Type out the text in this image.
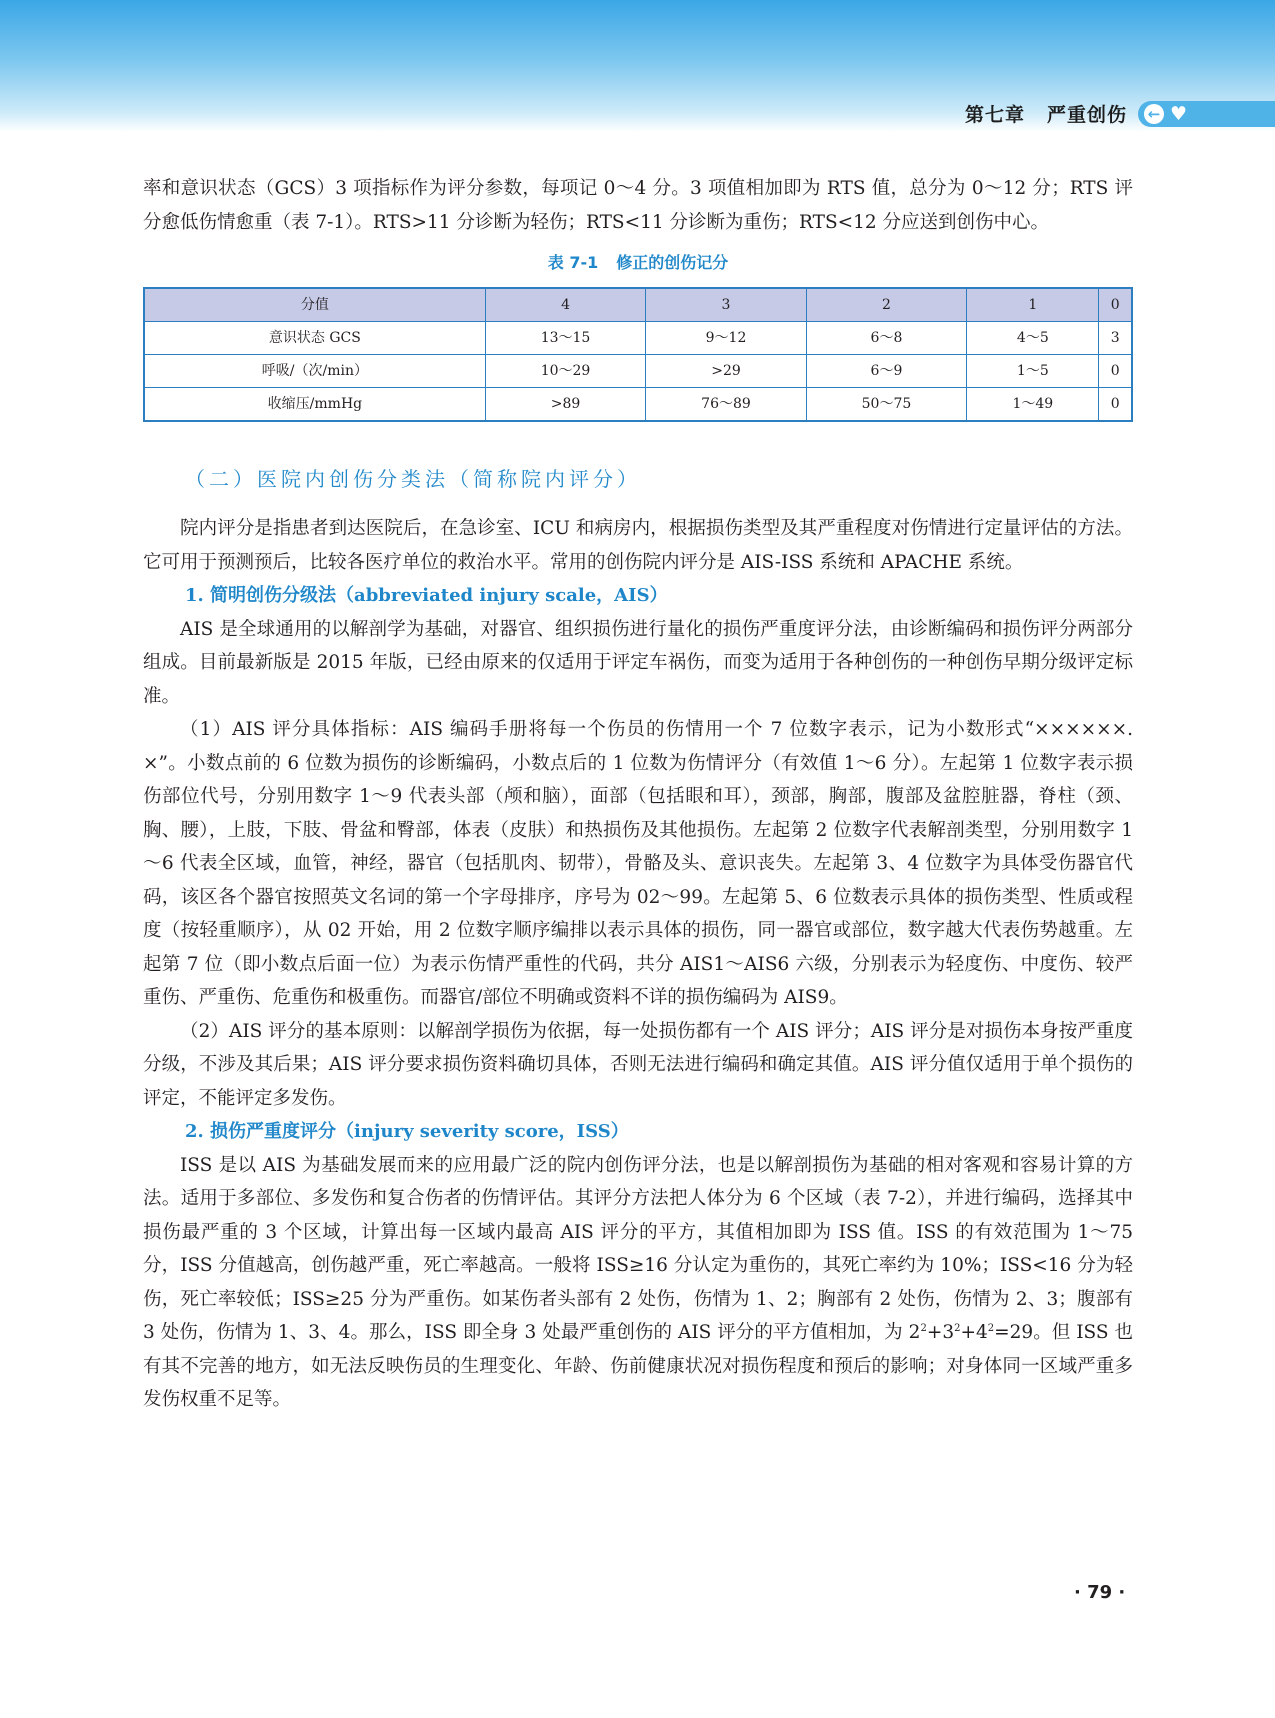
第七章 严重创伤 ← ♥

率和意识状态（GCS）3 项指标作为评分参数，每项记 0～4 分。3 项值相加即为 RTS 值，总分为 0～12 分；RTS 评分愈低伤情愈重（表 7-1）。RTS>11 分诊断为轻伤；RTS<11 分诊断为重伤；RTS<12 分应送到创伤中心。

表 7-1 修正的创伤记分
分值	4	3	2	1	0
意识状态 GCS	13～15	9～12	6～8	4～5	3
呼吸/（次/min）	10～29	>29	6～9	1～5	0
收缩压/mmHg	>89	76～89	50～75	1～49	0
（二）医院内创伤分类法（简称院内评分）

院内评分是指患者到达医院后，在急诊室、ICU 和病房内，根据损伤类型及其严重程度对伤情进行定量评估的方法。它可用于预测预后，比较各医疗单位的救治水平。常用的创伤院内评分是 AIS-ISS 系统和 APACHE 系统。

1. 简明创伤分级法（abbreviated injury scale，AIS）

AIS 是全球通用的以解剖学为基础，对器官、组织损伤进行量化的损伤严重度评分法，由诊断编码和损伤评分两部分组成。目前最新版是 2015 年版，已经由原来的仅适用于评定车祸伤，而变为适用于各种创伤的一种创伤早期分级评定标准。

（1）AIS 评分具体指标：AIS 编码手册将每一个伤员的伤情用一个 7 位数字表示，记为小数形式“××××××. ×”。小数点前的 6 位数为损伤的诊断编码，小数点后的 1 位数为伤情评分（有效值 1～6 分）。左起第 1 位数字表示损伤部位代号，分别用数字 1～9 代表头部（颅和脑），面部（包括眼和耳），颈部，胸部，腹部及盆腔脏器，脊柱（颈、胸、腰），上肢，下肢、骨盆和臀部，体表（皮肤）和热损伤及其他损伤。左起第 2 位数字代表解剖类型，分别用数字 1～6 代表全区域，血管，神经，器官（包括肌肉、韧带），骨骼及头、意识丧失。左起第 3、4 位数字为具体受伤器官代码，该区各个器官按照英文名词的第一个字母排序，序号为 02～99。左起第 5、6 位数表示具体的损伤类型、性质或程度（按轻重顺序），从 02 开始，用 2 位数字顺序编排以表示具体的损伤，同一器官或部位，数字越大代表伤势越重。左起第 7 位（即小数点后面一位）为表示伤情严重性的代码，共分 AIS1～AIS6 六级，分别表示为轻度伤、中度伤、较严重伤、严重伤、危重伤和极重伤。而器官/部位不明确或资料不详的损伤编码为 AIS9。

（2）AIS 评分的基本原则：以解剖学损伤为依据，每一处损伤都有一个 AIS 评分；AIS 评分是对损伤本身按严重度分级，不涉及其后果；AIS 评分要求损伤资料确切具体，否则无法进行编码和确定其值。AIS 评分值仅适用于单个损伤的评定，不能评定多发伤。

2. 损伤严重度评分（injury severity score，ISS）

ISS 是以 AIS 为基础发展而来的应用最广泛的院内创伤评分法，也是以解剖损伤为基础的相对客观和容易计算的方法。适用于多部位、多发伤和复合伤者的伤情评估。其评分方法把人体分为 6 个区域（表 7-2），并进行编码，选择其中损伤最严重的 3 个区域，计算出每一区域内最高 AIS 评分的平方，其值相加即为 ISS 值。ISS 的有效范围为 1～75 分，ISS 分值越高，创伤越严重，死亡率越高。一般将 ISS≥16 分认定为重伤的，其死亡率约为 10%；ISS<16 分为轻伤，死亡率较低；ISS≥25 分为严重伤。如某伤者头部有 2 处伤，伤情为 1、2；胸部有 2 处伤，伤情为 2、3；腹部有 3 处伤，伤情为 1、3、4。那么，ISS 即全身 3 处最严重创伤的 AIS 评分的平方值相加，为 $2^2+3^2+4^2=29$。但 ISS 也有其不完善的地方，如无法反映伤员的生理变化、年龄、伤前健康状况对损伤程度和预后的影响；对身体同一区域严重多发伤权重不足等。

· 79 ·
